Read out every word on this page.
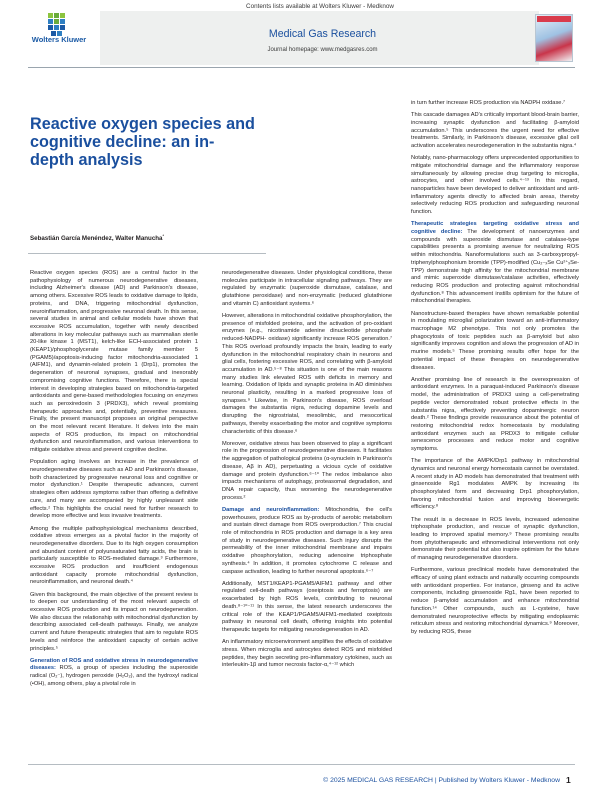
Contents lists available at Wolters Kluwer - Medknow
Wolters Kluwer	Medical Gas Research
Journal homepage: www.medgasres.com
Reactive oxygen species and cognitive decline: an in-depth analysis
Sebastián García Menéndez, Walter Manucha*

Reactive oxygen species (ROS) are a central factor in the pathophysiology of numerous neurodegenerative diseases, including Alzheimer's disease (AD) and Parkinson's disease, among others. Excessive ROS leads to oxidative damage to lipids, proteins, and DNA, triggering mitochondrial dysfunction, neuroinflammation, and progressive neuronal death. In this sense, several studies in animal and cellular models have shown that excessive ROS accumulation, together with newly described alterations in key molecular pathways such as mammalian sterile 20-like kinase 1 (MST1), kelch-like ECH-associated protein 1 (KEAP1)/phosphoglycerate mutase family member 5 (PGAM5)/apoptosis-inducing factor mitochondria-associated 1 (AIFM1), and dynamin-related protein 1 (Drp1), promotes the degeneration of neuronal synapses, gradual and inexorably compromising cognitive functions. Therefore, there is special interest in developing strategies based on mitochondria-targeted antioxidants and gene-based methodologies focusing on enzymes such as peroxiredoxin 3 (PRDX3), which reveal promising therapeutic approaches and, potentially, preventive measures. Finally, the present manuscript proposes an original perspective on the most relevant recent literature. It delves into the main aspects of ROS production, its impact on mitochondrial dysfunction and neuroinflammation, and various interventions to mitigate oxidative stress and prevent cognitive decline.

Population aging involves an increase in the prevalence of neurodegenerative diseases such as AD and Parkinson's disease, both characterized by progressive neuronal loss and cognitive or motor dysfunction.¹ Despite therapeutic advances, current strategies often address symptoms rather than offering a definitive cure, and many are accompanied by highly unpleasant side effects.² This highlights the crucial need for further research to develop more effective and less invasive treatments.

Among the multiple pathophysiological mechanisms described, oxidative stress emerges as a pivotal factor in the majority of neurodegenerative disorders. Due to its high oxygen consumption and abundant content of polyunsaturated fatty acids, the brain is particularly susceptible to ROS-mediated damage.³ Furthermore, excessive ROS production and insufficient endogenous antioxidant capacity promote mitochondrial dysfunction, neuroinflammation, and neuronal death.⁴

Given this background, the main objective of the present review is to deepen our understanding of the most relevant aspects of excessive ROS production and its impact on neurodegeneration. We also discuss the relationship with mitochondrial dysfunction by describing associated cell-death pathways. Finally, we analyze current and future therapeutic strategies that aim to regulate ROS levels and reinforce the antioxidant capacity of certain active principles.⁵

Generation of ROS and oxidative stress in neurodegenerative diseases: ROS, a group of species including the superoxide radical (O₂⁻), hydrogen peroxide (H₂O₂), and the hydroxyl radical (•OH), among others, play a pivotal role in

neurodegenerative diseases. Under physiological conditions, these molecules participate in intracellular signaling pathways. They are regulated by enzymatic (superoxide dismutase, catalase, and glutathione peroxidase) and non-enzymatic (reduced glutathione and vitamin C) antioxidant systems.⁶

However, alterations in mitochondrial oxidative phosphorylation, the presence of misfolded proteins, and the activation of pro-oxidant enzymes (e.g., nicotinamide adenine dinucleotide phosphate reduced-NADPH- oxidase) significantly increase ROS generation.⁷ This ROS overload profoundly impacts the brain, leading to early dysfunction in the mitochondrial respiratory chain in neurons and glial cells, fostering excessive ROS, and correlating with β-amyloid accumulation in AD.⁵⁻⁸ This situation is one of the main reasons many studies link elevated ROS with deficits in memory and learning. Oxidation of lipids and synaptic proteins in AD diminishes neuronal plasticity, resulting in a marked progressive loss of synapses.⁹ Likewise, in Parkinson's disease, ROS overload damages the substantia nigra, reducing dopamine levels and disrupting the nigrostriatal, mesolimbic, and mesocortical pathways, thereby exacerbating the motor and cognitive symptoms characteristic of this disease.⁶

Moreover, oxidative stress has been observed to play a significant role in the progression of neurodegenerative diseases. It facilitates the aggregation of pathological proteins (α-synuclein in Parkinson's disease, Aβ in AD), perpetuating a vicious cycle of oxidative damage and protein dysfunction.⁶⁻¹⁰ The redox imbalance also impacts mechanisms of autophagy, proteasomal degradation, and DNA repair capacity, thus worsening the neurodegenerative process.²

Damage and neuroinflammation: Mitochondria, the cell's powerhouses, produce ROS as by-products of aerobic metabolism and sustain direct damage from ROS overproduction.⁷ This crucial role of mitochondria in ROS production and damage is a key area of study in neurodegenerative diseases. Such injury disrupts the permeability of the inner mitochondrial membrane and impairs oxidative phosphorylation, reducing adenosine triphosphate synthesis.⁴ In addition, it promotes cytochrome C release and caspase activation, leading to further neuronal apoptosis.⁶⁻⁷

Additionally, MST1/KEAP1-PGAM5/AIFM1 pathway and other regulated cell-death pathways (oxeiptosis and ferroptosis) are exacerbated by high ROS levels, contributing to neuronal death.⁸⁻¹⁰⁻¹¹ In this sense, the latest research underscores the critical role of the KEAP1/PGAM5/AIFM1-mediated oxeiptosis pathway in neuronal cell death, offering insights into potential therapeutic targets for mitigating neurodegeneration in AD.

An inflammatory microenvironment amplifies the effects of oxidative stress. When microglia and astrocytes detect ROS and misfolded peptides, they begin secreting pro-inflammatory cytokines, such as interleukin-1β and tumor necrosis factor-α,⁴⁻¹² which

in turn further increase ROS production via NADPH oxidase.⁷

This cascade damages AD's critically important blood-brain barrier, increasing synaptic dysfunction and facilitating β-amyloid accumulation.⁵ This underscores the urgent need for effective treatments. Similarly, in Parkinson's disease, excessive glial cell activation accelerates neurodegeneration in the substantia nigra.⁴

Notably, nano-pharmacology offers unprecedented opportunities to mitigate mitochondrial damage and the inflammatory response simultaneously by allowing precise drug targeting to microglia, astrocytes, and other involved cells.⁴⁻¹³ In this regard, nanoparticles have been developed to deliver antioxidant and anti-inflammatory agents directly to affected brain areas, thereby selectively reducing ROS production and safeguarding neuronal function.

Therapeutic strategies targeting oxidative stress and cognitive decline: The development of nanoenzymes and compounds with superoxide dismutase and catalase-type capabilities presents a promising avenue for neutralizing ROS within mitochondria. Nanoformulations such as 3-carboxypropyl-triphenylphosphonium bromide (TPP)-modified (Cu₂₋ₓSe Cu²⁺ₓSe-TPP) demonstrate high affinity for the mitochondrial membrane and mimic superoxide dismutase/catalase activities, effectively reducing ROS production and protecting against mitochondrial dysfunction.⁸ This advancement instills optimism for the future of mitochondrial therapies.

Nanostructure-based therapies have shown remarkable potential in modulating microglial polarization toward an anti-inflammatory macrophage M2 phenotype. This not only promotes the phagocytosis of toxic peptides such as β-amyloid but also significantly improves cognition and slows the progression of AD in murine models.⁵ These promising results offer hope for the potential impact of these therapies on neurodegenerative diseases.

Another promising line of research is the overexpression of antioxidant enzymes. In a paraquat-induced Parkinson's disease model, the administration of PRDX3 using a cell-penetrating peptide vector demonstrated robust protective effects in the substantia nigra, effectively preventing dopaminergic neuron death.² These findings provide reassurance about the potential of restoring mitochondrial redox homeostasis by modulating antioxidant enzymes such as PRDX3 to mitigate cellular senescence processes and reduce motor and cognitive symptoms.

The importance of the AMPK/Drp1 pathway in mitochondrial dynamics and neuronal energy homeostasis cannot be overstated. A recent study in AD models has demonstrated that treatment with ginsenoside Rg1 modulates AMPK by increasing its phosphorylated form and decreasing Drp1 phosphorylation, favoring mitochondrial fusion and improving bioenergetic efficiency.⁸

The result is a decrease in ROS levels, increased adenosine triphosphate production, and rescue of synaptic dysfunction, leading to improved spatial memory.⁹ These promising results from phytotherapeutic and ethnomedicinal interventions not only demonstrate their potential but also inspire optimism for the future of managing neurodegenerative disorders.

Furthermore, various preclinical models have demonstrated the efficacy of using plant extracts and naturally occurring compounds with antioxidant properties. For instance, ginseng and its active components, including ginsenoside Rg1, have been reported to reduce β-amyloid accumulation and enhance mitochondrial function.¹⁴ Other compounds, such as L-cysteine, have demonstrated neuroprotective effects by mitigating endoplasmic reticulum stress and restoring mitochondrial dynamics.⁹ Moreover, by reducing ROS, these

© 2025 MEDICAL GAS RESEARCH | Published by Wolters Kluwer - Medknow 1
